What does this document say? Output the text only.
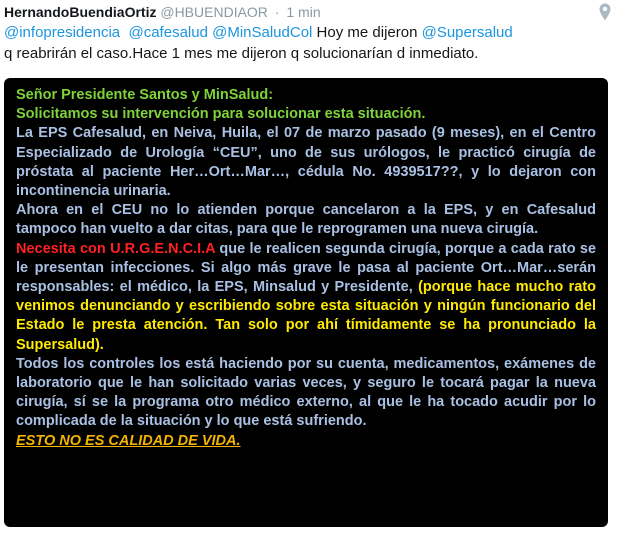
HernandoBuendiaOrtiz @HBUENDIAOR · 1 min
@infopresidencia @cafesalud @MinSaludCol Hoy me dijeron @Supersalud
q reabrirán el caso.Hace 1 mes me dijeron q solucionarían d inmediato.

Señor Presidente Santos y MinSalud:

Solicitamos su intervención para solucionar esta situación.

La EPS Cafesalud, en Neiva, Huila, el 07 de marzo pasado (9 meses), en el Centro Especializado de Urología “CEU”, uno de sus urólogos, le practicó cirugía de próstata al paciente Her…Ort…Mar…, cédula No. 4939517??, y lo dejaron con incontinencia urinaria.

Ahora en el CEU no lo atienden porque cancelaron a la EPS, y en Cafesalud tampoco han vuelto a dar citas, para que le reprogramen una nueva cirugía.

Necesita con U.R.G.E.N.C.I.A que le realicen segunda cirugía, porque a cada rato se le presentan infecciones. Si algo más grave le pasa al paciente Ort…Mar…serán responsables: el médico, la EPS, Minsalud y Presidente, (porque hace mucho rato venimos denunciando y escribiendo sobre esta situación y ningún funcionario del Estado le presta atención. Tan solo por ahí tímidamente se ha pronunciado la Supersalud).

Todos los controles los está haciendo por su cuenta, medicamentos, exámenes de laboratorio que le han solicitado varias veces, y seguro le tocará pagar la nueva cirugía, sí se la programa otro médico externo, al que le ha tocado acudir por lo complicada de la situación y lo que está sufriendo.

ESTO NO ES CALIDAD DE VIDA.
